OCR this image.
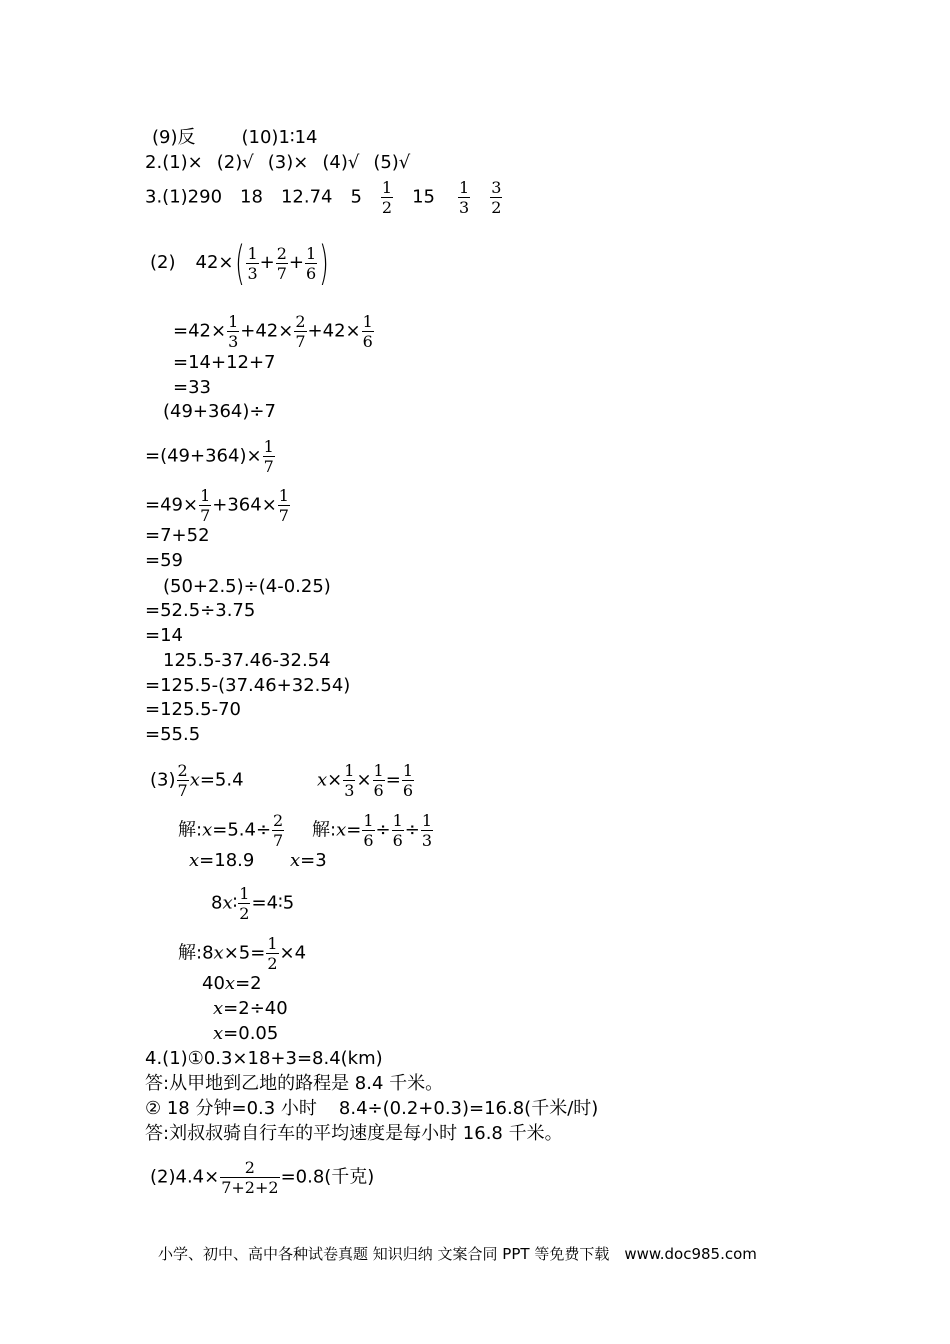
(9)反	(10)1∶14
2.(1)× (2)√ (3)× (4)√ (5)√
3.(1)290 18 12.74 $5 \frac{1}{2} 15 \frac{1}{3} \frac{3}{2}$
(2) $42\times( \frac{1}{3} + \frac{2}{7} + \frac{1}{6}$ )
$=42\times \frac{1}{3} +42\times \frac{2}{7} +42\times \frac{1}{6}$
=14+12+7
=33
(49+364)÷7
$=(49+364)\times \frac{1}{7}$
$=49\times \frac{1}{7} +364\times \frac{1}{7}$
=7+52
=59
(50+2.5)÷(4-0.25)
=52.5÷3.75
=14
125.5-37.46-32.54
=125.5-(37.46+32.54)
=125.5-70
=55.5
$(3) \frac{2}{7} x=5.4$	$x\times \frac{1}{3} \times \frac{1}{6} = \frac{1}{6}$
解:x=5.4÷ $\frac{2}{7}$ 解:x= $\frac{1}{6} \div \frac{1}{6} \div \frac{1}{3}$
x=18.9 x=3
8x∶ $\frac{1}{2}$ =4∶5
解:8x×5= $\frac{1}{2} \times 4$
40x=2
x=2÷40
x=0.05
4.(1)①0.3×18+3=8.4(km)
答:从甲地到乙地的路程是 8.4 千米。
② 18 分钟=0.3 小时 8.4÷(0.2+0.3)=16.8(千米/时)
答:刘叔叔骑自行车的平均速度是每小时 16.8 千米。
$(2)4.4\times \frac{2}{7+2+2} =0.8$(千克)
小学、初中、高中各种试卷真题 知识归纳 文案合同 PPT 等免费下载　www.doc985.com
